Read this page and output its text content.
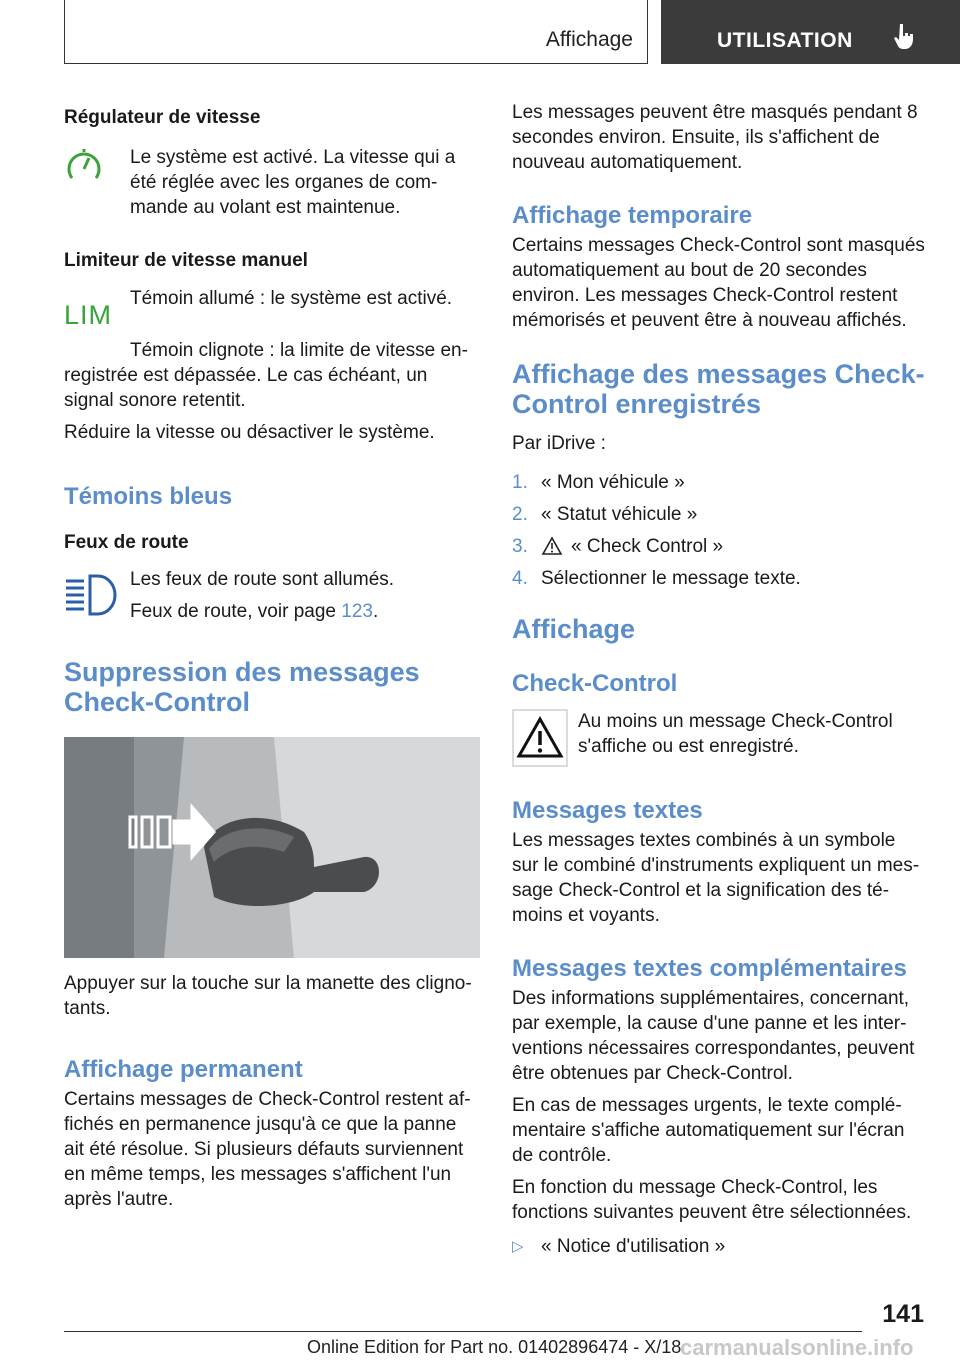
Affichage	UTILISATION
Régulateur de vitesse

Le système est activé. La vitesse qui a été réglée avec les organes de commande au volant est maintenue.

Limiteur de vitesse manuel
LIM

Témoin allumé : le système est activé.

Témoin clignote : la limite de vitesse enregistrée est dépassée. Le cas échéant, un signal sonore retentit.

Réduire la vitesse ou désactiver le système.

Témoins bleus
Feux de route

Les feux de route sont allumés.

Feux de route, voir page 123.

Suppression des messages Check-Control

Appuyer sur la touche sur la manette des clignotants.

Affichage permanent

Certains messages de Check-Control restent affichés en permanence jusqu'à ce que la panne ait été résolue. Si plusieurs défauts surviennent en même temps, les messages s'affichent l'un après l'autre.

Les messages peuvent être masqués pendant 8 secondes environ. Ensuite, ils s'affichent de nouveau automatiquement.

Affichage temporaire

Certains messages Check-Control sont masqués automatiquement au bout de 20 secondes environ. Les messages Check-Control restent mémorisés et peuvent être à nouveau affichés.

Affichage des messages Check-Control enregistrés

Par iDrive :

1. « Mon véhicule »
2. « Statut véhicule »
3.	« Check Control »
4. Sélectionner le message texte.
Affichage
Check-Control

Au moins un message Check-Control s'affiche ou est enregistré.

Messages textes

Les messages textes combinés à un symbole sur le combiné d'instruments expliquent un message Check-Control et la signification des témoins et voyants.

Messages textes complémentaires

Des informations supplémentaires, concernant, par exemple, la cause d'une panne et les interventions nécessaires correspondantes, peuvent être obtenues par Check-Control.

En cas de messages urgents, le texte complémentaire s'affiche automatiquement sur l'écran de contrôle.

En fonction du message Check-Control, les fonctions suivantes peuvent être sélectionnées.

▷ « Notice d'utilisation »
141
Online Edition for Part no. 01402896474 - X/18
carmanualsonline.info
